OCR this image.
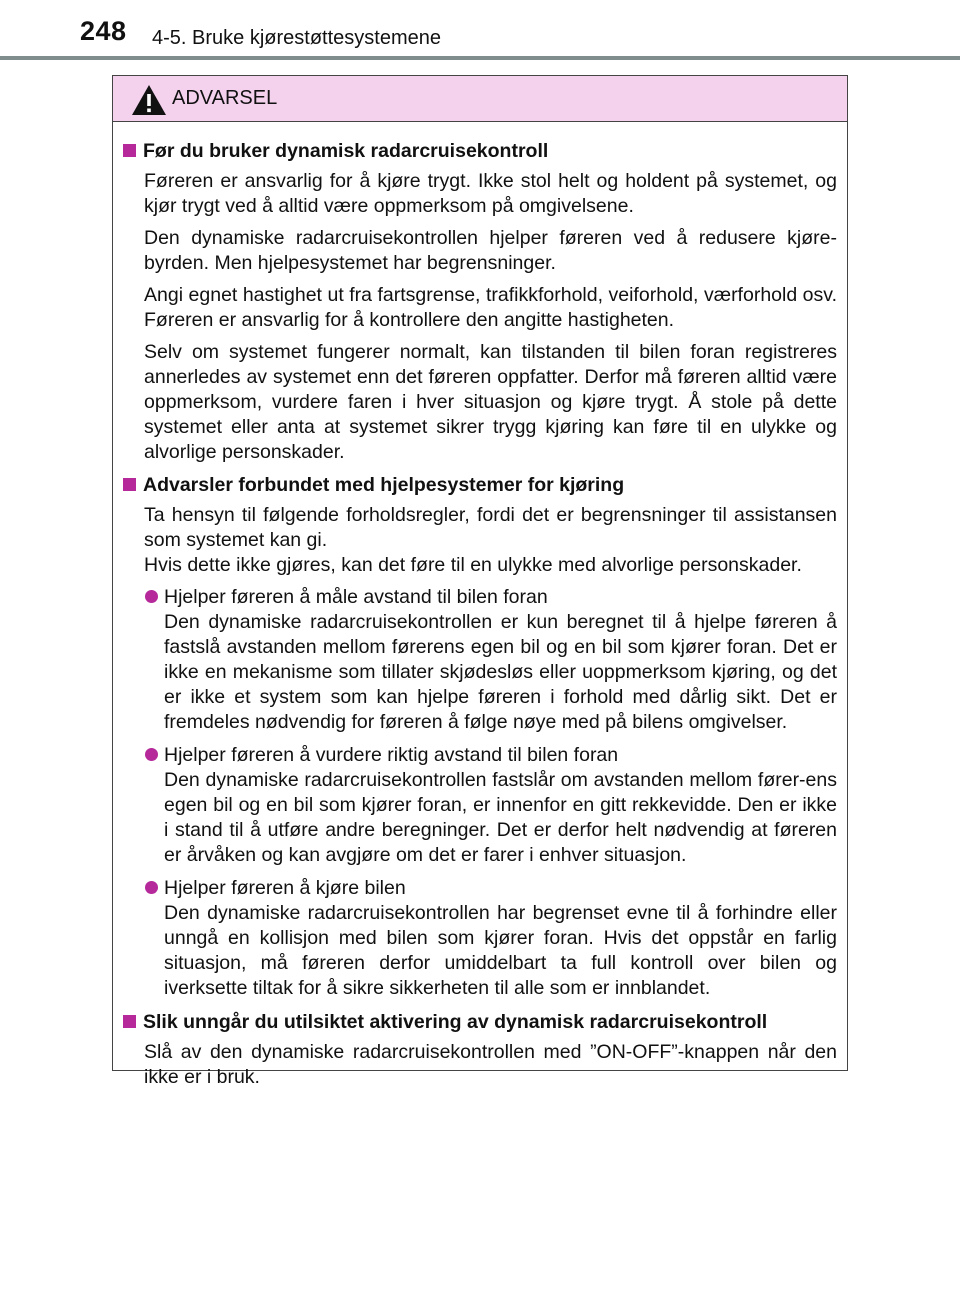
248 4-5. Bruke kjørestøttesystemene
ADVARSEL
Før du bruker dynamisk radarcruisekontroll
Føreren er ansvarlig for å kjøre trygt. Ikke stol helt og holdent på systemet, og kjør trygt ved å alltid være oppmerksom på omgivelsene.
Den dynamiske radarcruisekontrollen hjelper føreren ved å redusere kjøre-byrden. Men hjelpesystemet har begrensninger.
Angi egnet hastighet ut fra fartsgrense, trafikkforhold, veiforhold, værforhold osv. Føreren er ansvarlig for å kontrollere den angitte hastigheten.
Selv om systemet fungerer normalt, kan tilstanden til bilen foran registreres annerledes av systemet enn det føreren oppfatter. Derfor må føreren alltid være oppmerksom, vurdere faren i hver situasjon og kjøre trygt. Å stole på dette systemet eller anta at systemet sikrer trygg kjøring kan føre til en ulykke og alvorlige personskader.
Advarsler forbundet med hjelpesystemer for kjøring
Ta hensyn til følgende forholdsregler, fordi det er begrensninger til assistansen som systemet kan gi.
Hvis dette ikke gjøres, kan det føre til en ulykke med alvorlige personskader.
Hjelper føreren å måle avstand til bilen foran
Den dynamiske radarcruisekontrollen er kun beregnet til å hjelpe føreren å fastslå avstanden mellom førerens egen bil og en bil som kjører foran. Det er ikke en mekanisme som tillater skjødesløs eller uoppmerksom kjøring, og det er ikke et system som kan hjelpe føreren i forhold med dårlig sikt. Det er fremdeles nødvendig for føreren å følge nøye med på bilens omgivelser.
Hjelper føreren å vurdere riktig avstand til bilen foran
Den dynamiske radarcruisekontrollen fastslår om avstanden mellom fører-ens egen bil og en bil som kjører foran, er innenfor en gitt rekkevidde. Den er ikke i stand til å utføre andre beregninger. Det er derfor helt nødvendig at føreren er årvåken og kan avgjøre om det er farer i enhver situasjon.
Hjelper føreren å kjøre bilen
Den dynamiske radarcruisekontrollen har begrenset evne til å forhindre eller unngå en kollisjon med bilen som kjører foran. Hvis det oppstår en farlig situasjon, må føreren derfor umiddelbart ta full kontroll over bilen og iverksette tiltak for å sikre sikkerheten til alle som er innblandet.
Slik unngår du utilsiktet aktivering av dynamisk radarcruisekontroll
Slå av den dynamiske radarcruisekontrollen med ”ON-OFF”-knappen når den ikke er i bruk.
